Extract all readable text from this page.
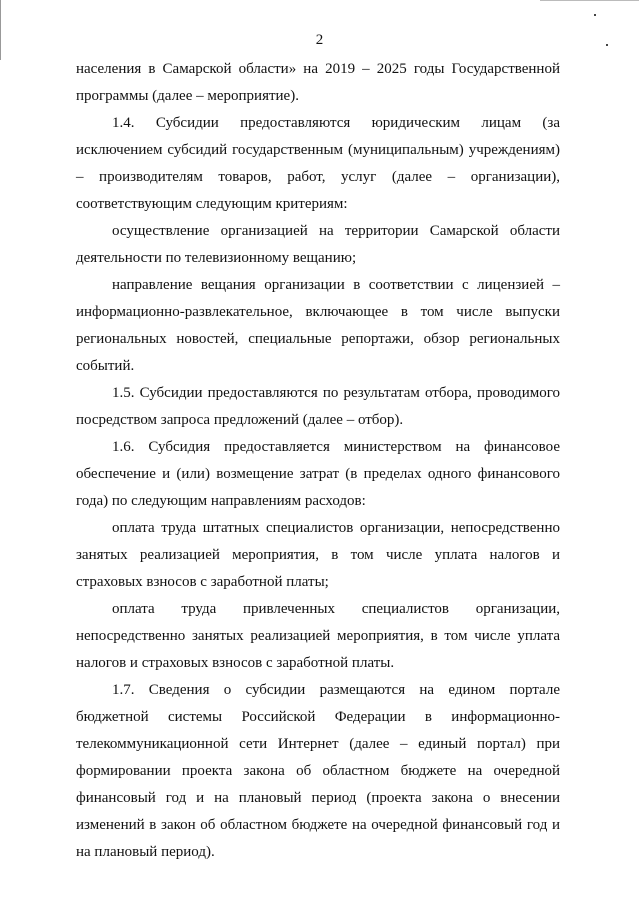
2

населения в Самарской области» на 2019 – 2025 годы Государственной программы (далее – мероприятие).

1.4. Субсидии предоставляются юридическим лицам (за исключением субсидий государственным (муниципальным) учреждениям) – производителям товаров, работ, услуг (далее – организации), соответствующим следующим критериям:

осуществление организацией на территории Самарской области деятельности по телевизионному вещанию;

направление вещания организации в соответствии с лицензией – информационно-развлекательное, включающее в том числе выпуски региональных новостей, специальные репортажи, обзор региональных событий.

1.5. Субсидии предоставляются по результатам отбора, проводимого посредством запроса предложений (далее – отбор).

1.6. Субсидия предоставляется министерством на финансовое обеспечение и (или) возмещение затрат (в пределах одного финансового года) по следующим направлениям расходов:

оплата труда штатных специалистов организации, непосредственно занятых реализацией мероприятия, в том числе уплата налогов и страховых взносов с заработной платы;

оплата труда привлеченных специалистов организации, непосредственно занятых реализацией мероприятия, в том числе уплата налогов и страховых взносов с заработной платы.

1.7. Сведения о субсидии размещаются на едином портале бюджетной системы Российской Федерации в информационно-телекоммуникационной сети Интернет (далее – единый портал) при формировании проекта закона об областном бюджете на очередной финансовый год и на плановый период (проекта закона о внесении изменений в закон об областном бюджете на очередной финансовый год и на плановый период).
